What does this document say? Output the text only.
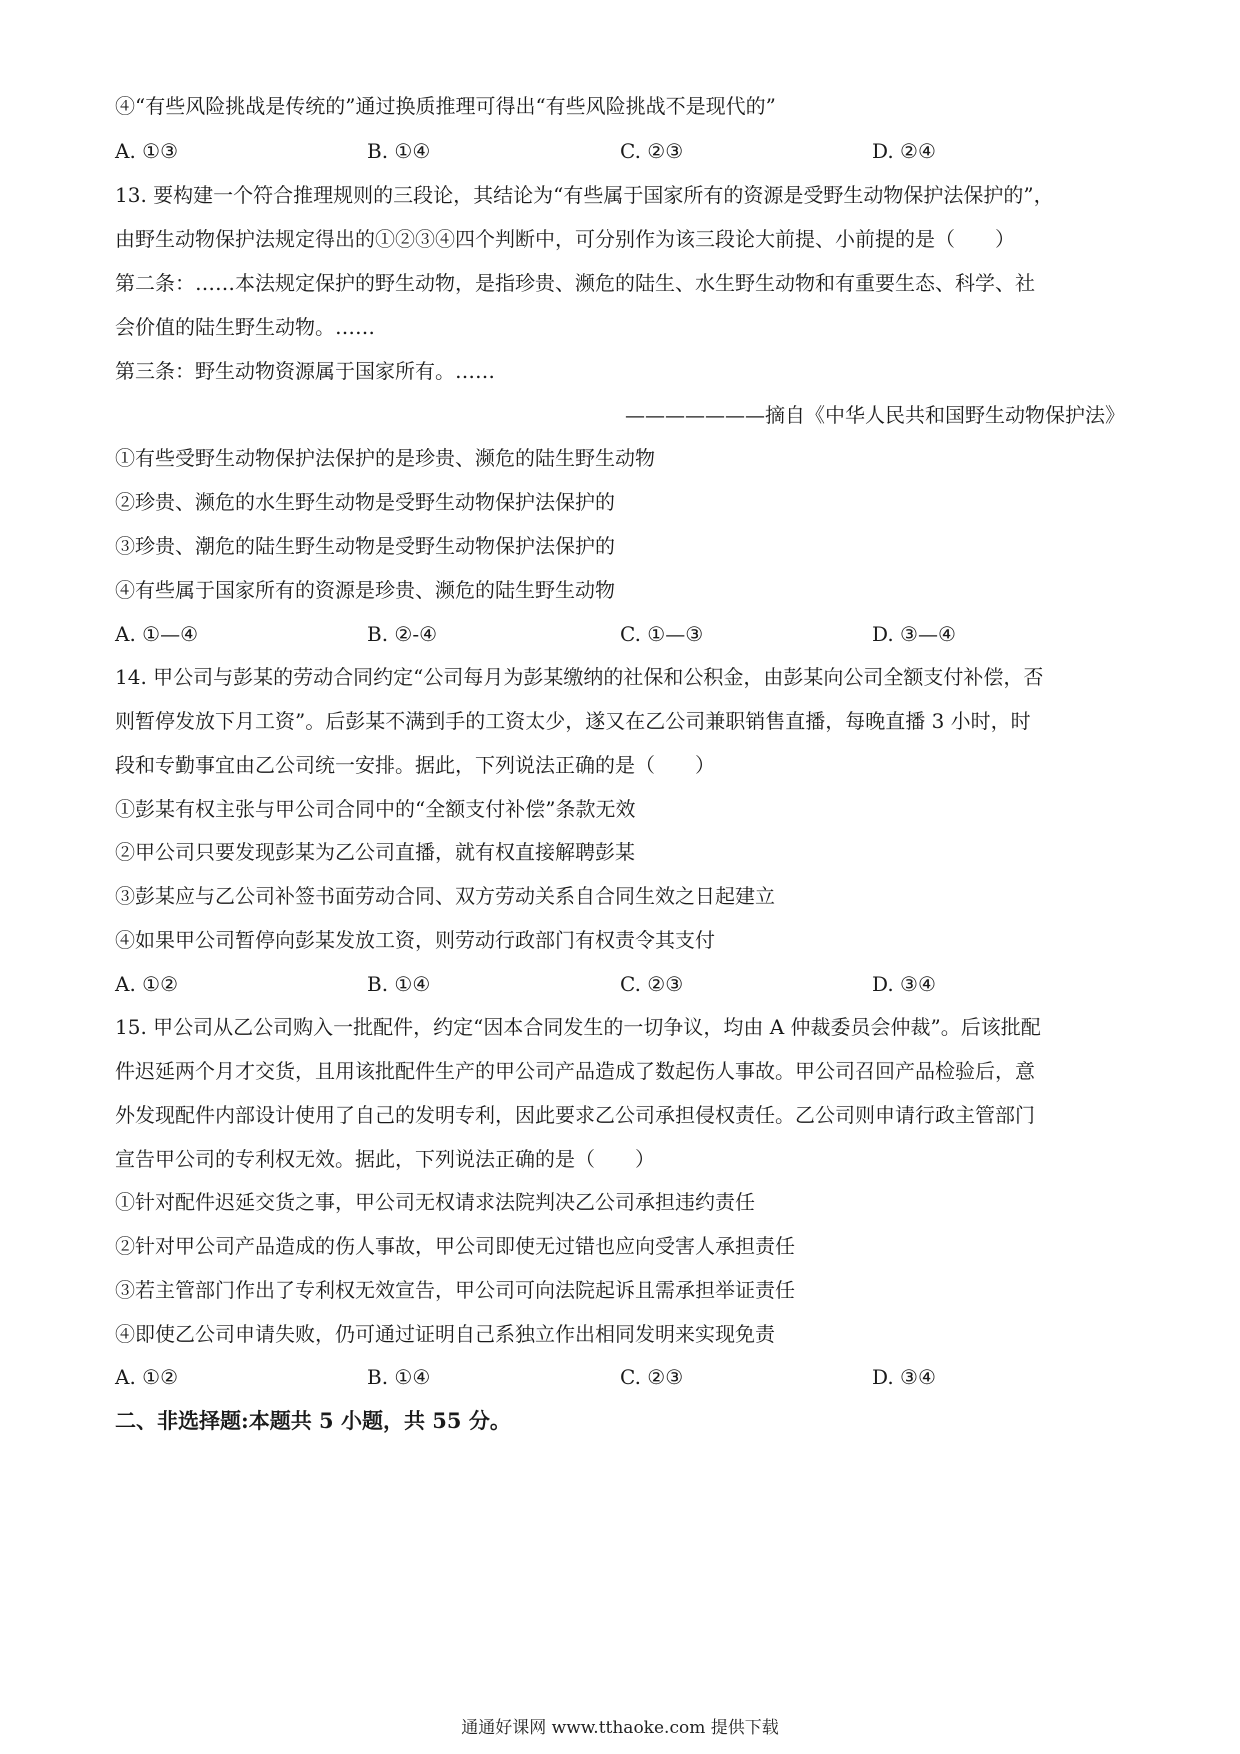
④“有些风险挑战是传统的”通过换质推理可得出“有些风险挑战不是现代的”
A. ①③	B. ①④	C. ②③	D. ②④
13. 要构建一个符合推理规则的三段论，其结论为“有些属于国家所有的资源是受野生动物保护法保护的”，
由野生动物保护法规定得出的①②③④四个判断中，可分别作为该三段论大前提、小前提的是（　　）
第二条：……本法规定保护的野生动物，是指珍贵、濒危的陆生、水生野生动物和有重要生态、科学、社
会价值的陆生野生动物。……
第三条：野生动物资源属于国家所有。……
———————摘自《中华人民共和国野生动物保护法》
①有些受野生动物保护法保护的是珍贵、濒危的陆生野生动物
②珍贵、濒危的水生野生动物是受野生动物保护法保护的
③珍贵、潮危的陆生野生动物是受野生动物保护法保护的
④有些属于国家所有的资源是珍贵、濒危的陆生野生动物
A. ①—④	B. ②-④	C. ①—③	D. ③—④
14. 甲公司与彭某的劳动合同约定“公司每月为彭某缴纳的社保和公积金，由彭某向公司全额支付补偿，否
则暂停发放下月工资”。后彭某不满到手的工资太少，遂又在乙公司兼职销售直播，每晚直播 3 小时，时
段和专勤事宜由乙公司统一安排。据此，下列说法正确的是（　　）
①彭某有权主张与甲公司合同中的“全额支付补偿”条款无效
②甲公司只要发现彭某为乙公司直播，就有权直接解聘彭某
③彭某应与乙公司补签书面劳动合同、双方劳动关系自合同生效之日起建立
④如果甲公司暂停向彭某发放工资，则劳动行政部门有权责令其支付
A. ①②	B. ①④	C. ②③	D. ③④
15. 甲公司从乙公司购入一批配件，约定“因本合同发生的一切争议，均由 A 仲裁委员会仲裁”。后该批配
件迟延两个月才交货，且用该批配件生产的甲公司产品造成了数起伤人事故。甲公司召回产品检验后，意
外发现配件内部设计使用了自己的发明专利，因此要求乙公司承担侵权责任。乙公司则申请行政主管部门
宣告甲公司的专利权无效。据此，下列说法正确的是（　　）
①针对配件迟延交货之事，甲公司无权请求法院判决乙公司承担违约责任
②针对甲公司产品造成的伤人事故，甲公司即使无过错也应向受害人承担责任
③若主管部门作出了专利权无效宣告，甲公司可向法院起诉且需承担举证责任
④即使乙公司申请失败，仍可通过证明自己系独立作出相同发明来实现免责
A. ①②	B. ①④	C. ②③	D. ③④
二、非选择题:本题共 5 小题，共 55 分。
通通好课网 www.tthaoke.com 提供下载
